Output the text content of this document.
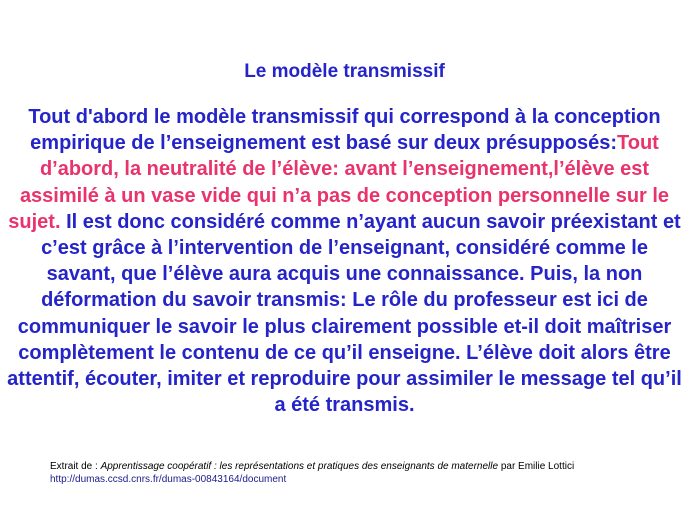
Le modèle transmissif
Tout d'abord le modèle transmissif qui correspond à la conception empirique de l’enseignement est basé sur deux présupposés:Tout d’abord, la neutralité de l’élève: avant l’enseignement,l’élève est assimilé à un vase vide qui n’a pas de conception personnelle sur le sujet. Il est donc considéré comme n’ayant aucun savoir préexistant et c’est grâce à l’intervention de l’enseignant, considéré comme le savant, que l’élève aura acquis une connaissance. Puis, la non déformation du savoir transmis: Le rôle du professeur est ici de communiquer le savoir le plus clairement possible et-il doit maîtriser complètement le contenu de ce qu’il enseigne. L’élève doit alors être attentif, écouter, imiter et reproduire pour assimiler le message tel qu’il a été transmis.
Extrait de : Apprentissage coopératif : les représentations et pratiques des enseignants de maternelle par Emilie Lottici
http://dumas.ccsd.cnrs.fr/dumas-00843164/document
